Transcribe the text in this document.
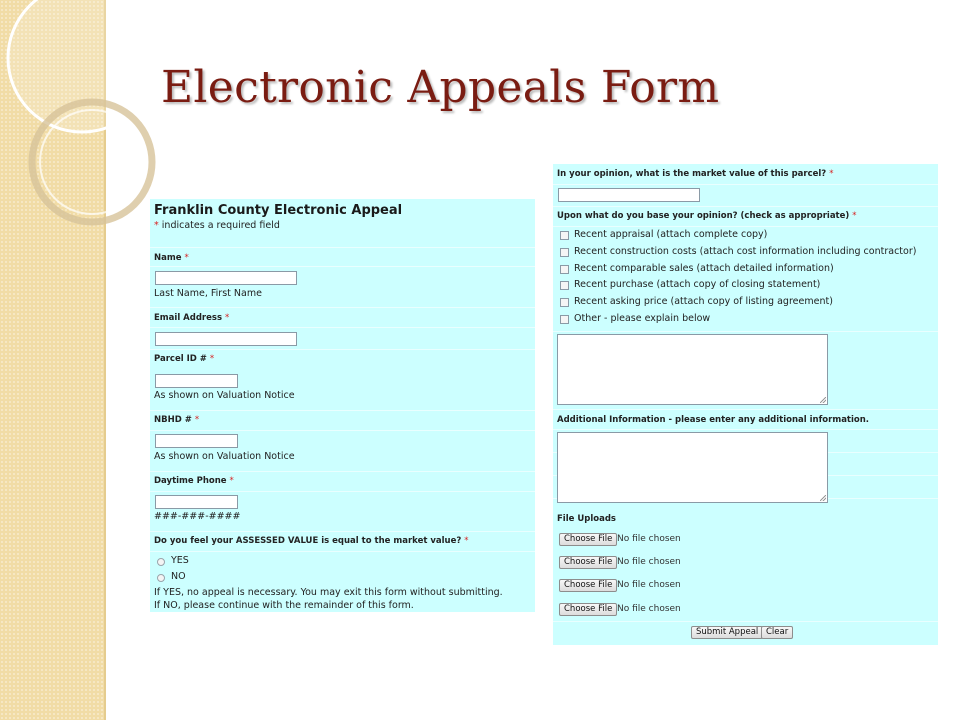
Electronic Appeals Form
Franklin County Electronic Appeal
* indicates a required field
Name *
Last Name, First Name
Email Address *
Parcel ID # *
As shown on Valuation Notice
NBHD # *
As shown on Valuation Notice
Daytime Phone *
###-###-####
Do you feel your ASSESSED VALUE is equal to the market value? *
YES
NO
If YES, no appeal is necessary. You may exit this form without submitting.
If NO, please continue with the remainder of this form.
In your opinion, what is the market value of this parcel? *
Upon what do you base your opinion? (check as appropriate) *
Recent appraisal (attach complete copy)
Recent construction costs (attach cost information including contractor)
Recent comparable sales (attach detailed information)
Recent purchase (attach copy of closing statement)
Recent asking price (attach copy of listing agreement)
Other - please explain below
Additional Information - please enter any additional information.
File Uploads
Choose File No file chosen
Choose File No file chosen
Choose File No file chosen
Choose File No file chosen
Submit Appeal Clear
